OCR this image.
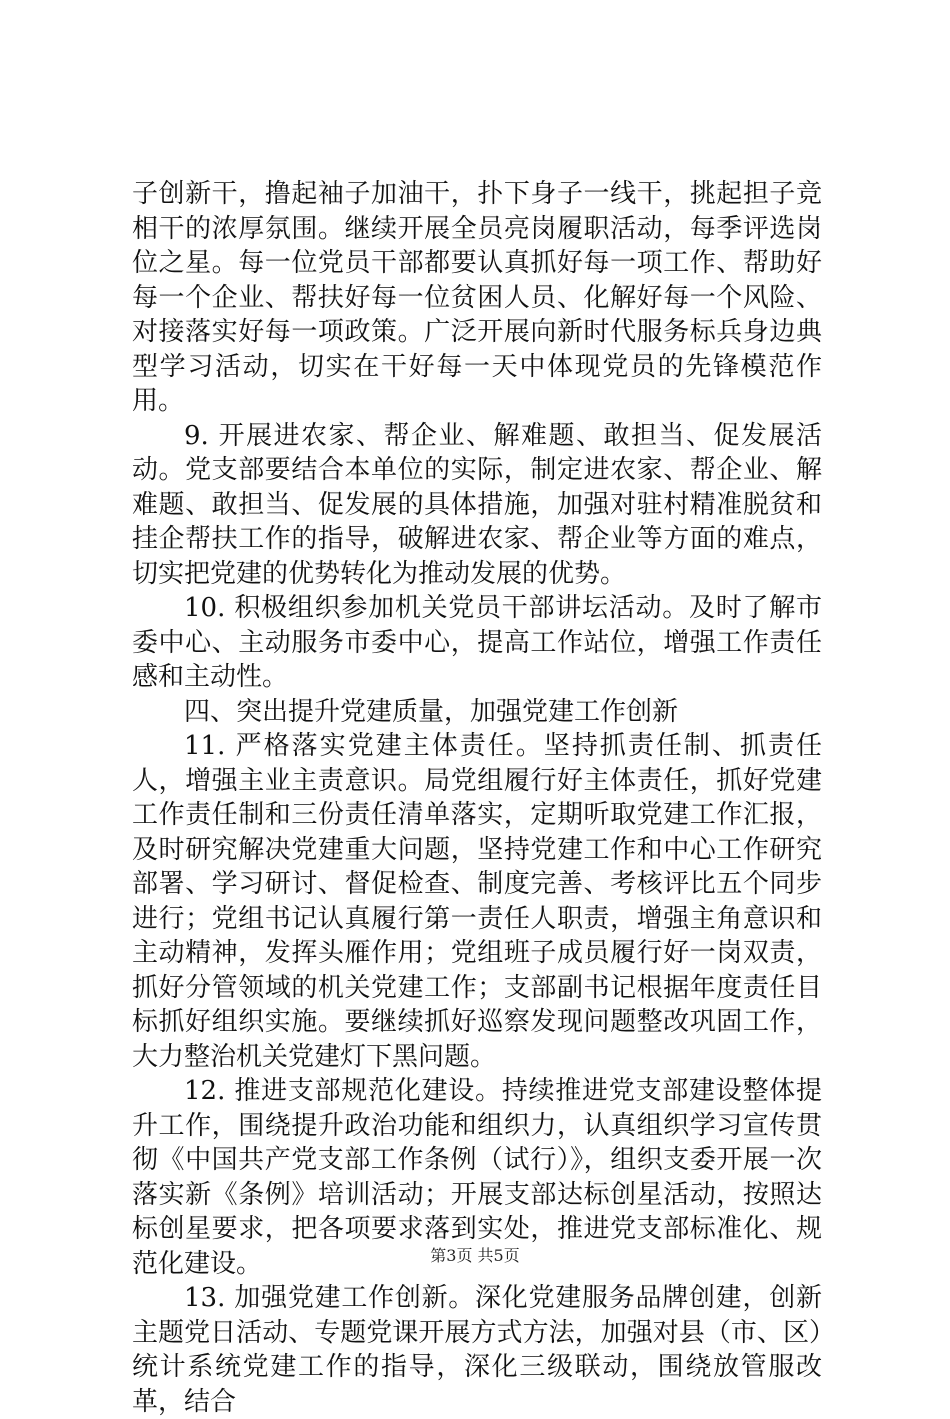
子创新干，撸起袖子加油干，扑下身子一线干，挑起担子竞相干的浓厚氛围。继续开展全员亮岗履职活动，每季评选岗位之星。每一位党员干部都要认真抓好每一项工作、帮助好每一个企业、帮扶好每一位贫困人员、化解好每一个风险、对接落实好每一项政策。广泛开展向新时代服务标兵身边典型学习活动，切实在干好每一天中体现党员的先锋模范作用。

9. 开展进农家、帮企业、解难题、敢担当、促发展活动。党支部要结合本单位的实际，制定进农家、帮企业、解难题、敢担当、促发展的具体措施，加强对驻村精准脱贫和挂企帮扶工作的指导，破解进农家、帮企业等方面的难点，切实把党建的优势转化为推动发展的优势。

10. 积极组织参加机关党员干部讲坛活动。及时了解市委中心、主动服务市委中心，提高工作站位，增强工作责任感和主动性。

四、突出提升党建质量，加强党建工作创新

11. 严格落实党建主体责任。坚持抓责任制、抓责任人，增强主业主责意识。局党组履行好主体责任，抓好党建工作责任制和三份责任清单落实，定期听取党建工作汇报，及时研究解决党建重大问题，坚持党建工作和中心工作研究部署、学习研讨、督促检查、制度完善、考核评比五个同步进行；党组书记认真履行第一责任人职责，增强主角意识和主动精神，发挥头雁作用；党组班子成员履行好一岗双责，抓好分管领域的机关党建工作；支部副书记根据年度责任目标抓好组织实施。要继续抓好巡察发现问题整改巩固工作，大力整治机关党建灯下黑问题。

12. 推进支部规范化建设。持续推进党支部建设整体提升工作，围绕提升政治功能和组织力，认真组织学习宣传贯彻《中国共产党支部工作条例（试行）》，组织支委开展一次落实新《条例》培训活动；开展支部达标创星活动，按照达标创星要求，把各项要求落到实处，推进党支部标准化、规范化建设。

13. 加强党建工作创新。深化党建服务品牌创建，创新主题党日活动、专题党课开展方式方法，加强对县（市、区）统计系统党建工作的指导，深化三级联动，围绕放管服改革，结合

第3页 共5页
